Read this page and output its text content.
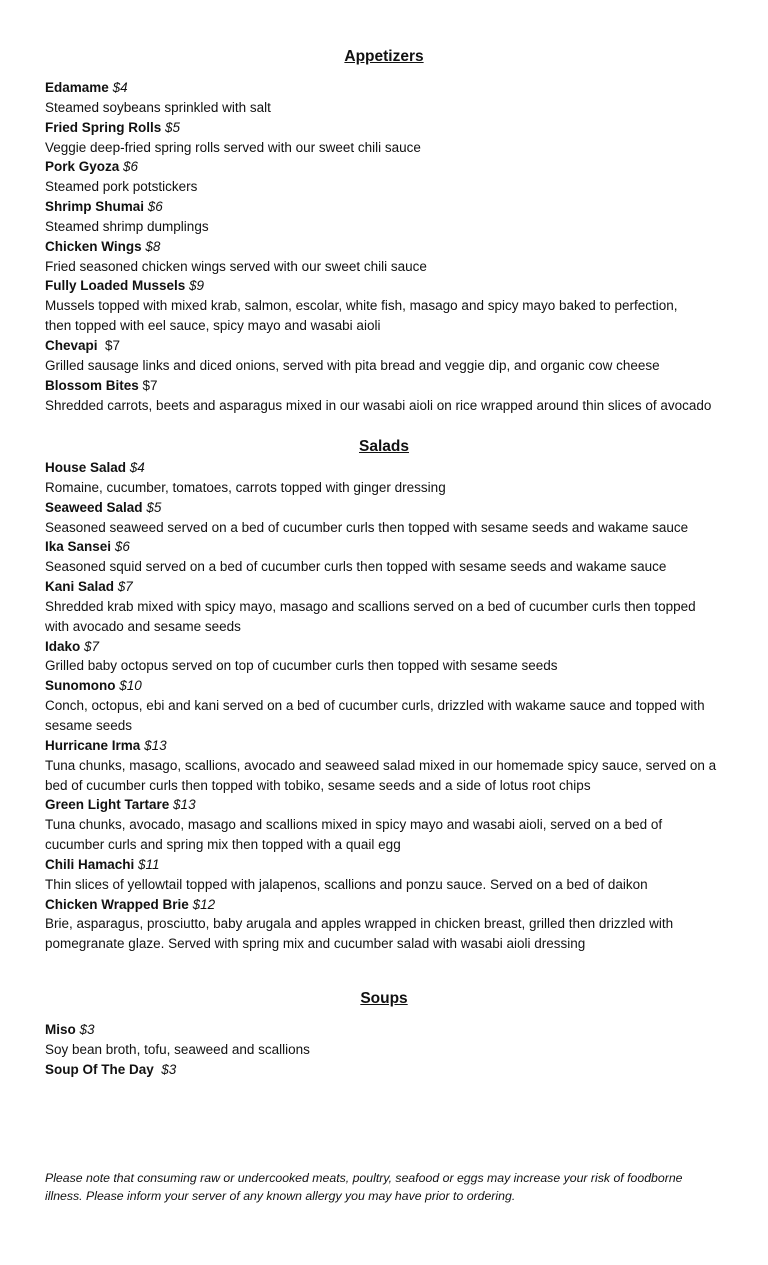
Appetizers
Edamame $4
Steamed soybeans sprinkled with salt
Fried Spring Rolls $5
Veggie deep-fried spring rolls served with our sweet chili sauce
Pork Gyoza $6
Steamed pork potstickers
Shrimp Shumai $6
Steamed shrimp dumplings
Chicken Wings $8
Fried seasoned chicken wings served with our sweet chili sauce
Fully Loaded Mussels $9
Mussels topped with mixed krab, salmon, escolar, white fish, masago and spicy mayo baked to perfection,
then topped with eel sauce, spicy mayo and wasabi aioli
Chevapi $7
Grilled sausage links and diced onions, served with pita bread and veggie dip, and organic cow cheese
Blossom Bites $7
Shredded carrots, beets and asparagus mixed in our wasabi aioli on rice wrapped around thin slices of avocado
Salads
House Salad $4
Romaine, cucumber, tomatoes, carrots topped with ginger dressing
Seaweed Salad $5
Seasoned seaweed served on a bed of cucumber curls then topped with sesame seeds and wakame sauce
Ika Sansei $6
Seasoned squid served on a bed of cucumber curls then topped with sesame seeds and wakame sauce
Kani Salad $7
Shredded krab mixed with spicy mayo, masago and scallions served on a bed of cucumber curls then topped
with avocado and sesame seeds
Idako $7
Grilled baby octopus served on top of cucumber curls then topped with sesame seeds
Sunomono $10
Conch, octopus, ebi and kani served on a bed of cucumber curls, drizzled with wakame sauce and topped with
sesame seeds
Hurricane Irma $13
Tuna chunks, masago, scallions, avocado and seaweed salad mixed in our homemade spicy sauce, served on a
bed of cucumber curls then topped with tobiko, sesame seeds and a side of lotus root chips
Green Light Tartare $13
Tuna chunks, avocado, masago and scallions mixed in spicy mayo and wasabi aioli, served on a bed of
cucumber curls and spring mix then topped with a quail egg
Chili Hamachi $11
Thin slices of yellowtail topped with jalapenos, scallions and ponzu sauce. Served on a bed of daikon
Chicken Wrapped Brie $12
Brie, asparagus, prosciutto, baby arugala and apples wrapped in chicken breast, grilled then drizzled with
pomegranate glaze. Served with spring mix and cucumber salad with wasabi aioli dressing
Soups
Miso $3
Soy bean broth, tofu, seaweed and scallions
Soup Of The Day $3
Please note that consuming raw or undercooked meats, poultry, seafood or eggs may increase your risk of foodborne
illness. Please inform your server of any known allergy you may have prior to ordering.
